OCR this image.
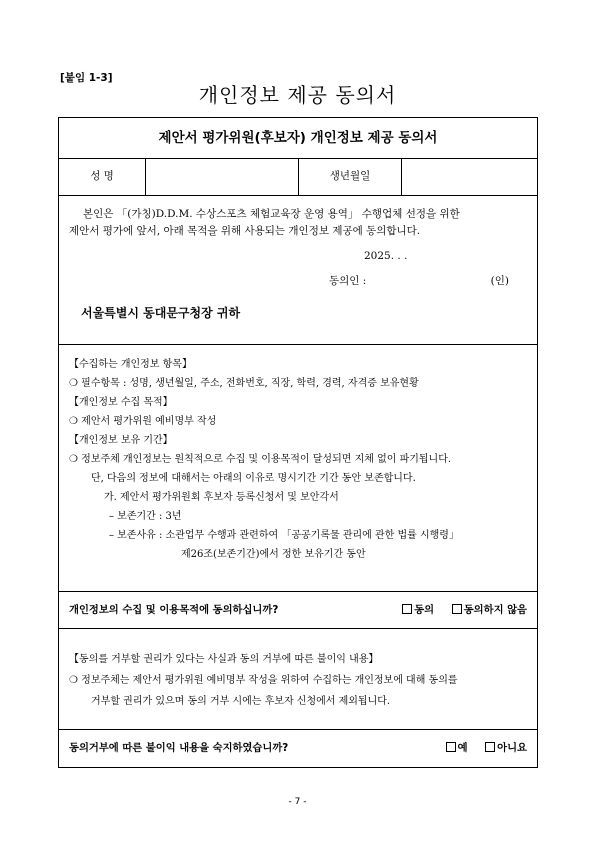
[붙임 1-3]
개인정보 제공 동의서
제안서 평가위원(후보자) 개인정보 제공 동의서
성 명	생년월일
본인은 「(가칭)D.D.M. 수상스포츠 체험교육장 운영 용역」 수행업체 선정을 위한
제안서 평가에 앞서, 아래 목적을 위해 사용되는 개인정보 제공에 동의합니다.
2025. . .
동의인 :	(인)
서울특별시 동대문구청장 귀하
【수집하는 개인정보 항목】
❍ 필수항목 : 성명, 생년월일, 주소, 전화번호, 직장, 학력, 경력, 자격증 보유현황
【개인정보 수집 목적】
❍ 제안서 평가위원 예비명부 작성
【개인정보 보유 기간】
❍ 정보주체 개인정보는 원칙적으로 수집 및 이용목적이 달성되면 지체 없이 파기됩니다.
단, 다음의 정보에 대해서는 아래의 이유로 명시기간 기간 동안 보존합니다.
가. 제안서 평가위원회 후보자 등록신청서 및 보안각서
– 보존기간 : 3년
– 보존사유 : 소관업무 수행과 관련하여 「공공기록물 관리에 관한 법률 시행령」
제26조(보존기간)에서 정한 보유기간 동안
개인정보의 수집 및 이용목적에 동의하십니까?	동의	동의하지 않음
【동의를 거부할 권리가 있다는 사실과 동의 거부에 따른 불이익 내용】
❍ 정보주체는 제안서 평가위원 예비명부 작성을 위하여 수집하는 개인정보에 대해 동의를
거부할 권리가 있으며 동의 거부 시에는 후보자 신청에서 제외됩니다.
동의거부에 따른 불이익 내용을 숙지하였습니까?	예	아니요
- 7 -
